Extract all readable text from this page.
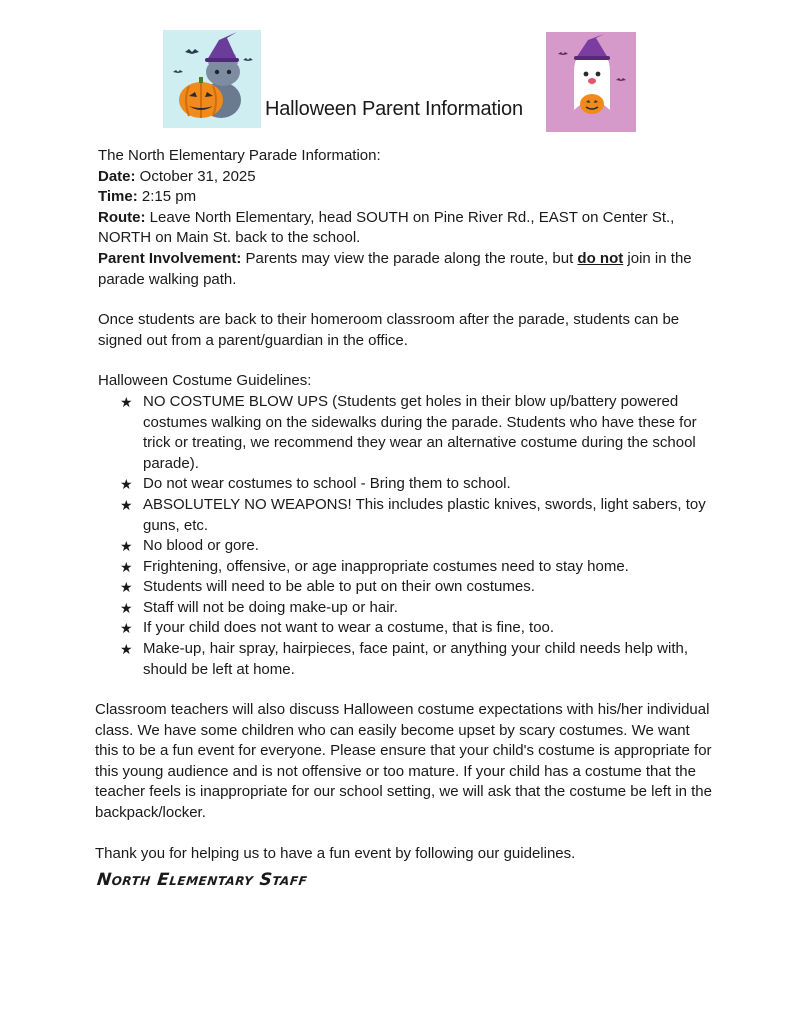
Halloween Parent Information

The North Elementary Parade Information:

Date: October 31, 2025

Time: 2:15 pm

Route: Leave North Elementary, head SOUTH on Pine River Rd., EAST on Center St., NORTH on Main St. back to the school.

Parent Involvement: Parents may view the parade along the route, but do not join in the parade walking path.

Once students are back to their homeroom classroom after the parade, students can be signed out from a parent/guardian in the office.

Halloween Costume Guidelines:

★ NO COSTUME BLOW UPS (Students get holes in their blow up/battery powered costumes walking on the sidewalks during the parade. Students who have these for trick or treating, we recommend they wear an alternative costume during the school parade).
★ Do not wear costumes to school - Bring them to school.
★ ABSOLUTELY NO WEAPONS! This includes plastic knives, swords, light sabers, toy guns, etc.
★ No blood or gore.
★ Frightening, offensive, or age inappropriate costumes need to stay home.
★ Students will need to be able to put on their own costumes.
★ Staff will not be doing make-up or hair.
★ If your child does not want to wear a costume, that is fine, too.
★ Make-up, hair spray, hairpieces, face paint, or anything your child needs help with, should be left at home.

Classroom teachers will also discuss Halloween costume expectations with his/her individual class. We have some children who can easily become upset by scary costumes. We want this to be a fun event for everyone. Please ensure that your child's costume is appropriate for this young audience and is not offensive or too mature. If your child has a costume that the teacher feels is inappropriate for our school setting, we will ask that the costume be left in the backpack/locker.

Thank you for helping us to have a fun event by following our guidelines.

North Elementary Staff
